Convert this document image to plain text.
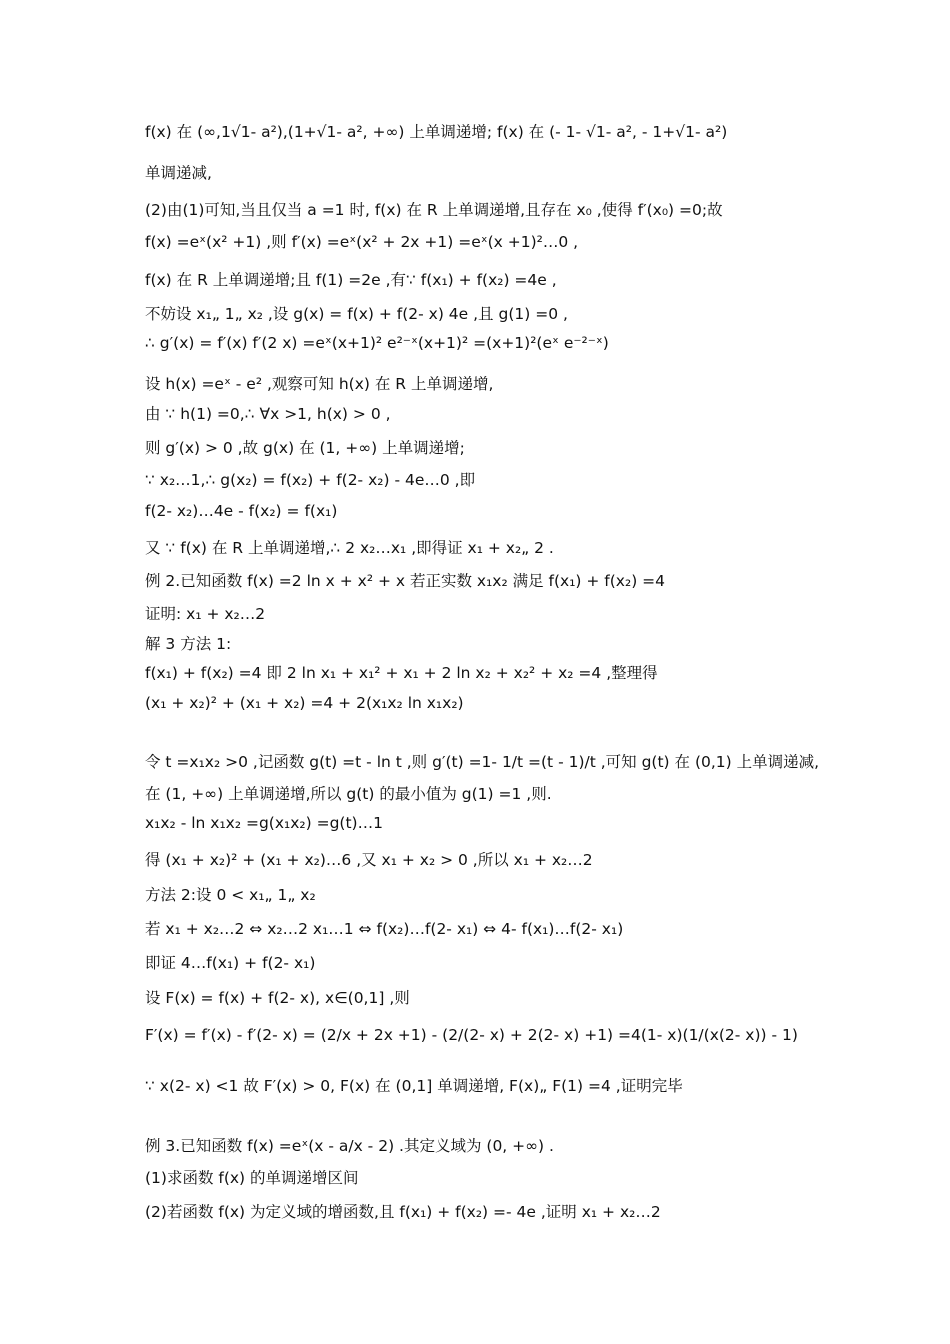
f(x) 在 (∞,1√1- a²),(1+√1- a², +∞) 上单调递增; f(x) 在 (- 1- √1- a², - 1+√1- a²)
单调递减,
(2)由(1)可知,当且仅当 a =1 时, f(x) 在 R 上单调递增,且存在 x₀ ,使得 f′(x₀) =0;故
f(x) =eˣ(x² +1) ,则 f′(x) =eˣ(x² + 2x +1) =eˣ(x +1)²…0 ,
f(x) 在 R 上单调递增;且 f(1) =2e ,有∵ f(x₁) + f(x₂) =4e ,
不妨设 x₁„ 1„ x₂ ,设 g(x) = f(x) + f(2- x) 4e ,且 g(1) =0 ,
∴ g′(x) = f′(x) f′(2 x) =eˣ(x+1)² e²⁻ˣ(x+1)² =(x+1)²(eˣ e⁻²⁻ˣ)
设 h(x) =eˣ - e² ,观察可知 h(x) 在 R 上单调递增,
由 ∵ h(1) =0,∴ ∀x >1, h(x) > 0 ,
则 g′(x) > 0 ,故 g(x) 在 (1, +∞) 上单调递增;
∵ x₂…1,∴ g(x₂) = f(x₂) + f(2- x₂) - 4e…0 ,即
f(2- x₂)…4e - f(x₂) = f(x₁)
又 ∵ f(x) 在 R 上单调递增,∴ 2 x₂…x₁ ,即得证 x₁ + x₂„ 2 .
例 2.已知函数 f(x) =2 ln x + x² + x 若正实数 x₁x₂ 满足 f(x₁) + f(x₂) =4
证明: x₁ + x₂…2
解 3 方法 1:
f(x₁) + f(x₂) =4 即 2 ln x₁ + x₁² + x₁ + 2 ln x₂ + x₂² + x₂ =4 ,整理得
(x₁ + x₂)² + (x₁ + x₂) =4 + 2(x₁x₂ ln x₁x₂)
令 t =x₁x₂ >0 ,记函数 g(t) =t - ln t ,则 g′(t) =1- 1/t =(t - 1)/t ,可知 g(t) 在 (0,1) 上单调递减,
在 (1, +∞) 上单调递增,所以 g(t) 的最小值为 g(1) =1 ,则.
x₁x₂ - ln x₁x₂ =g(x₁x₂) =g(t)…1
得 (x₁ + x₂)² + (x₁ + x₂)…6 ,又 x₁ + x₂ > 0 ,所以 x₁ + x₂…2
方法 2:设 0 < x₁„ 1„ x₂
若 x₁ + x₂…2 ⇔ x₂…2 x₁…1 ⇔ f(x₂)…f(2- x₁) ⇔ 4- f(x₁)…f(2- x₁)
即证 4…f(x₁) + f(2- x₁)
设 F(x) = f(x) + f(2- x), x∈(0,1] ,则
F′(x) = f′(x) - f′(2- x) = (2/x + 2x +1) - (2/(2- x) + 2(2- x) +1) =4(1- x)(1/(x(2- x)) - 1)
∵ x(2- x) <1 故 F′(x) > 0, F(x) 在 (0,1] 单调递增, F(x)„ F(1) =4 ,证明完毕
例 3.已知函数 f(x) =eˣ(x - a/x - 2) .其定义域为 (0, +∞) .
(1)求函数 f(x) 的单调递增区间
(2)若函数 f(x) 为定义域的增函数,且 f(x₁) + f(x₂) =- 4e ,证明 x₁ + x₂…2
